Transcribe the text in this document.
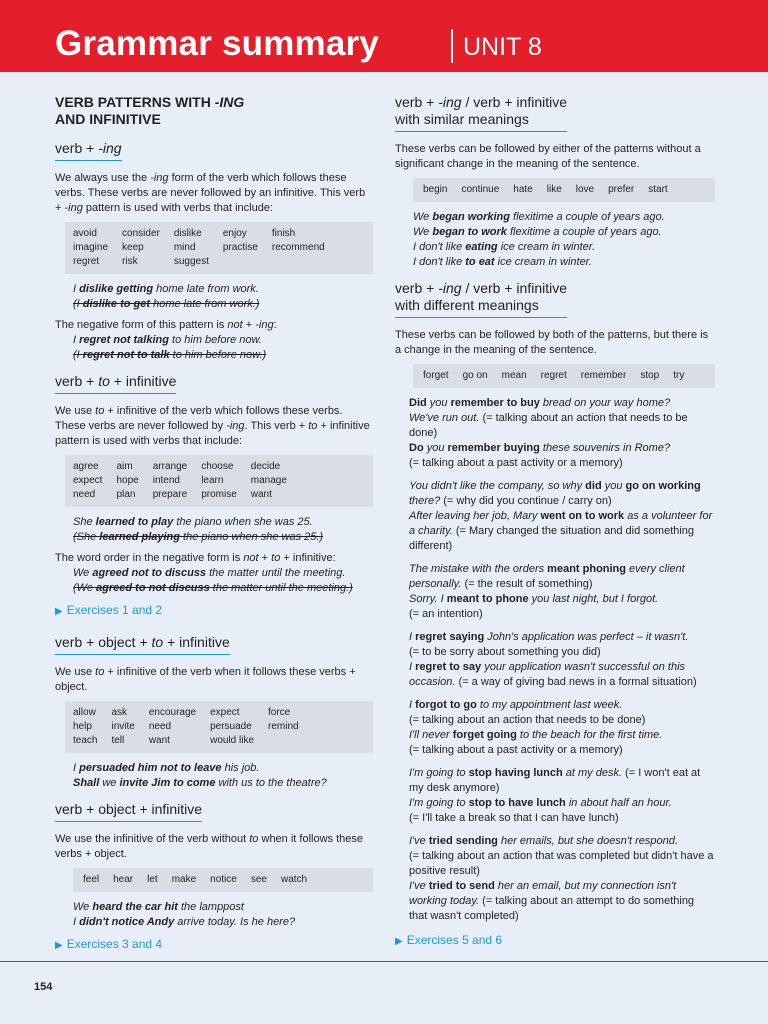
Grammar summary	UNIT 8
VERB PATTERNS WITH -ING
AND INFINITIVE
verb + -ing

We always use the -ing form of the verb which follows these verbs. These verbs are never followed by an infinitive. This verb + -ing pattern is used with verbs that include:

avoid	consider	dislike	enjoy	finish
imagine	keep	mind	practise	recommend
regret	risk	suggest		
I dislike getting home late from work.
(I dislike to get home late from work.)

The negative form of this pattern is not + -ing:

I regret not talking to him before now.
(I regret not to talk to him before now.)
verb + to + infinitive

We use to + infinitive of the verb which follows these verbs. These verbs are never followed by -ing. This verb + to + infinitive pattern is used with verbs that include:

agree	aim	arrange	choose	decide
expect	hope	intend	learn	manage
need	plan	prepare	promise	want
She learned to play the piano when she was 25.
(She learned playing the piano when she was 25.)

The word order in the negative form is not + to + infinitive:

We agreed not to discuss the matter until the meeting.
(We agreed to not discuss the matter until the meeting.)
▶ Exercises 1 and 2
verb + object + to + infinitive

We use to + infinitive of the verb when it follows these verbs + object.

allow	ask	encourage	expect	force
help	invite	need	persuade	remind
teach	tell	want	would like	
I persuaded him not to leave his job.
Shall we invite Jim to come with us to the theatre?
verb + object + infinitive

We use the infinitive of the verb without to when it follows these verbs + object.

feel hear let make notice see watch
We heard the car hit the lamppost
I didn't notice Andy arrive today. Is he here?
▶ Exercises 3 and 4
verb + -ing / verb + infinitive
with similar meanings

These verbs can be followed by either of the patterns without a significant change in the meaning of the sentence.

begin continue hate like love prefer start
We began working flexitime a couple of years ago.
We began to work flexitime a couple of years ago.
I don't like eating ice cream in winter.
I don't like to eat ice cream in winter.
verb + -ing / verb + infinitive
with different meanings

These verbs can be followed by both of the patterns, but there is a change in the meaning of the sentence.

forget go on mean regret remember stop try
Did you remember to buy bread on your way home?
We've run out. (= talking about an action that needs to be done)
Do you remember buying these souvenirs in Rome?
(= talking about a past activity or a memory)
You didn't like the company, so why did you go on working there? (= why did you continue / carry on)
After leaving her job, Mary went on to work as a volunteer for a charity. (= Mary changed the situation and did something different)
The mistake with the orders meant phoning every client personally. (= the result of something)
Sorry. I meant to phone you last night, but I forgot.
(= an intention)
I regret saying John's application was perfect – it wasn't.
(= to be sorry about something you did)
I regret to say your application wasn't successful on this occasion. (= a way of giving bad news in a formal situation)
I forgot to go to my appointment last week.
(= talking about an action that needs to be done)
I'll never forget going to the beach for the first time.
(= talking about a past activity or a memory)
I'm going to stop having lunch at my desk. (= I won't eat at my desk anymore)
I'm going to stop to have lunch in about half an hour.
(= I'll take a break so that I can have lunch)
I've tried sending her emails, but she doesn't respond.
(= talking about an action that was completed but didn't have a positive result)
I've tried to send her an email, but my connection isn't working today. (= talking about an attempt to do something that wasn't completed)
▶ Exercises 5 and 6
154
